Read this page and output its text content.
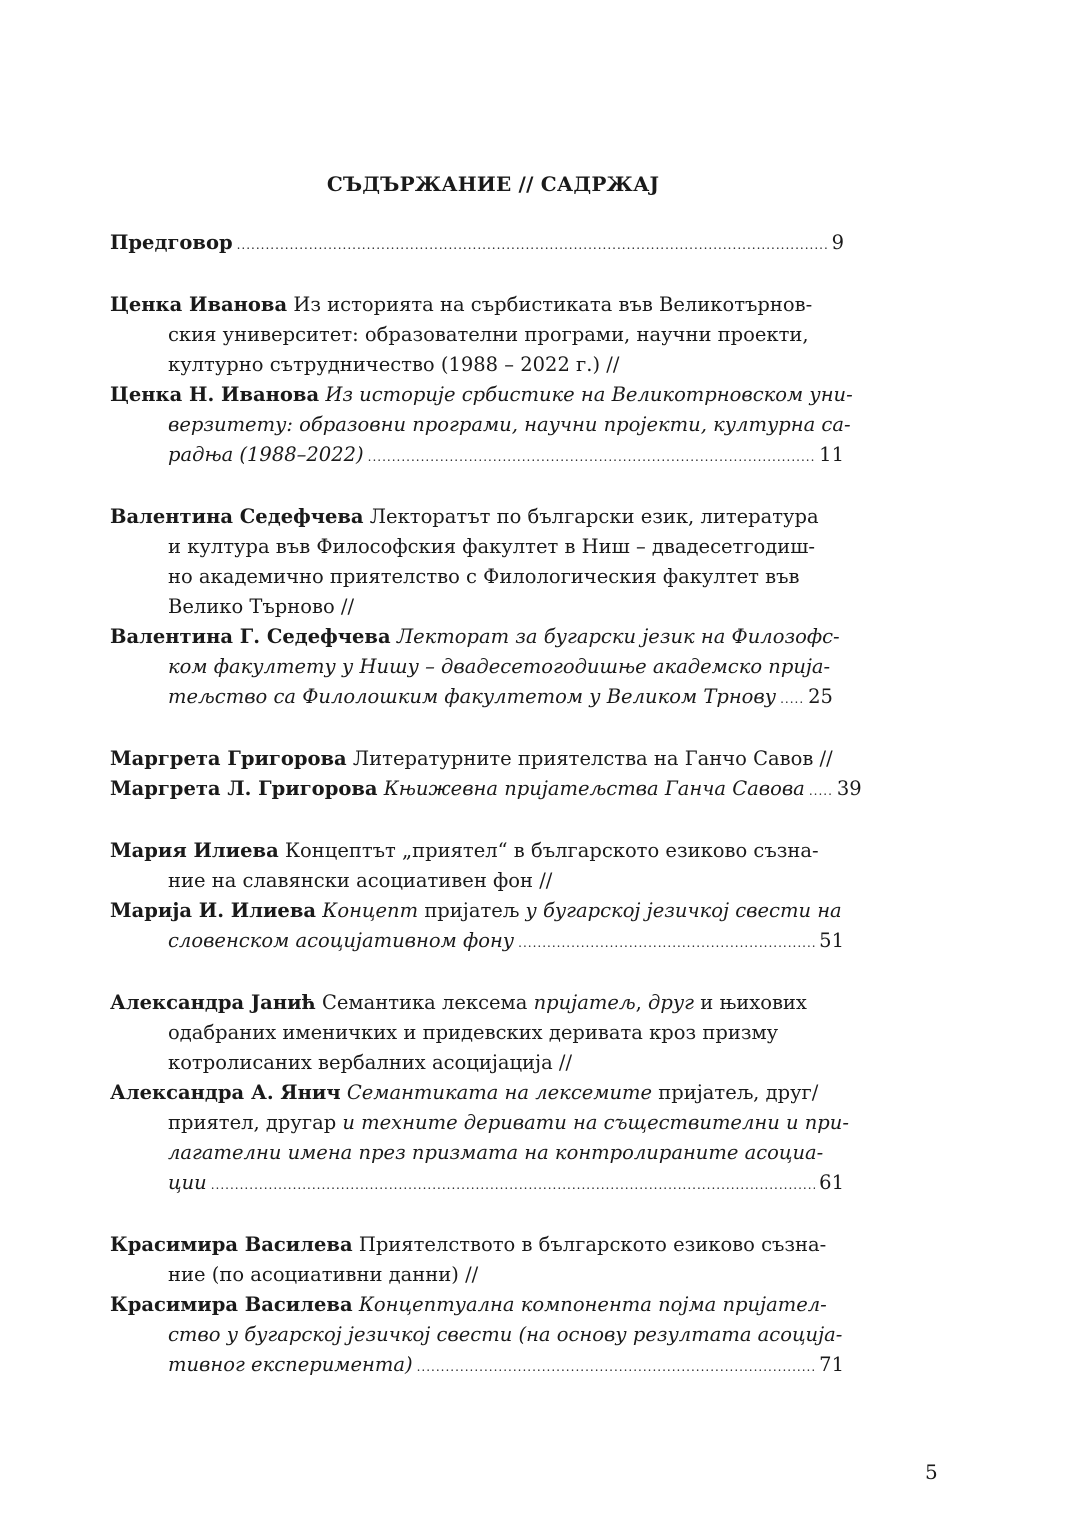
СЪДЪРЖАНИЕ // САДРЖАЈ
Предговор .....	9
Ценка Иванова Из историята на сърбистиката във Великотърнов-
ския университет: образователни програми, научни проекти,
културно сътрудничество (1988 – 2022 г.) //
Ценка Н. Иванова Из историје србистике на Великотрновском уни-
верзитету: образовни програми, научни пројекти, културна са-
радња (1988–2022) .....	11
Валентина Седефчева Лекторатът по български език, литература
и култура във Философския факултет в Ниш – двадесетгодиш-
но академично приятелство с Филологическия факултет във
Велико Търново //
Валентина Г. Седефчева Лекторат за бугарски језик на Филозофс-
ком факултету у Нишу – двадесетогодишње академско прија-
тељство са Филолошким факултетом у Великом Трнову ..... 25
Маргрета Григорова Литературните приятелства на Ганчо Савов //
Маргрета Л. Григорова Књижевна пријатељства Ганча Савова ..... 39
Мария Илиева Концептът „приятел“ в българското езиково съзна-
ние на славянски асоциативен фон //
Марија И. Илиева Концепт пријатељ у бугарској језичкој свести на
словенском асоцијативном фону .....	51
Александра Јанић Семантика лексема пријатељ, друг и њихових
одабраних именичких и придевских деривата кроз призму
котролисаних вербалних асоцијација //
Александра А. Янич Семантиката на лексемите пријатељ, друг/
приятел, другар и техните деривати на съществителни и при-
лагателни имена през призмата на контролираните асоциа-
ции .....	61
Красимира Василева Приятелството в българското езиково съзна-
ние (по асоциативни данни) //
Красимира Василева Концептуална компонента појма пријател-
ство у бугарској језичкој свести (на основу резултата асоција-
тивног експеримента) .....	71
5
